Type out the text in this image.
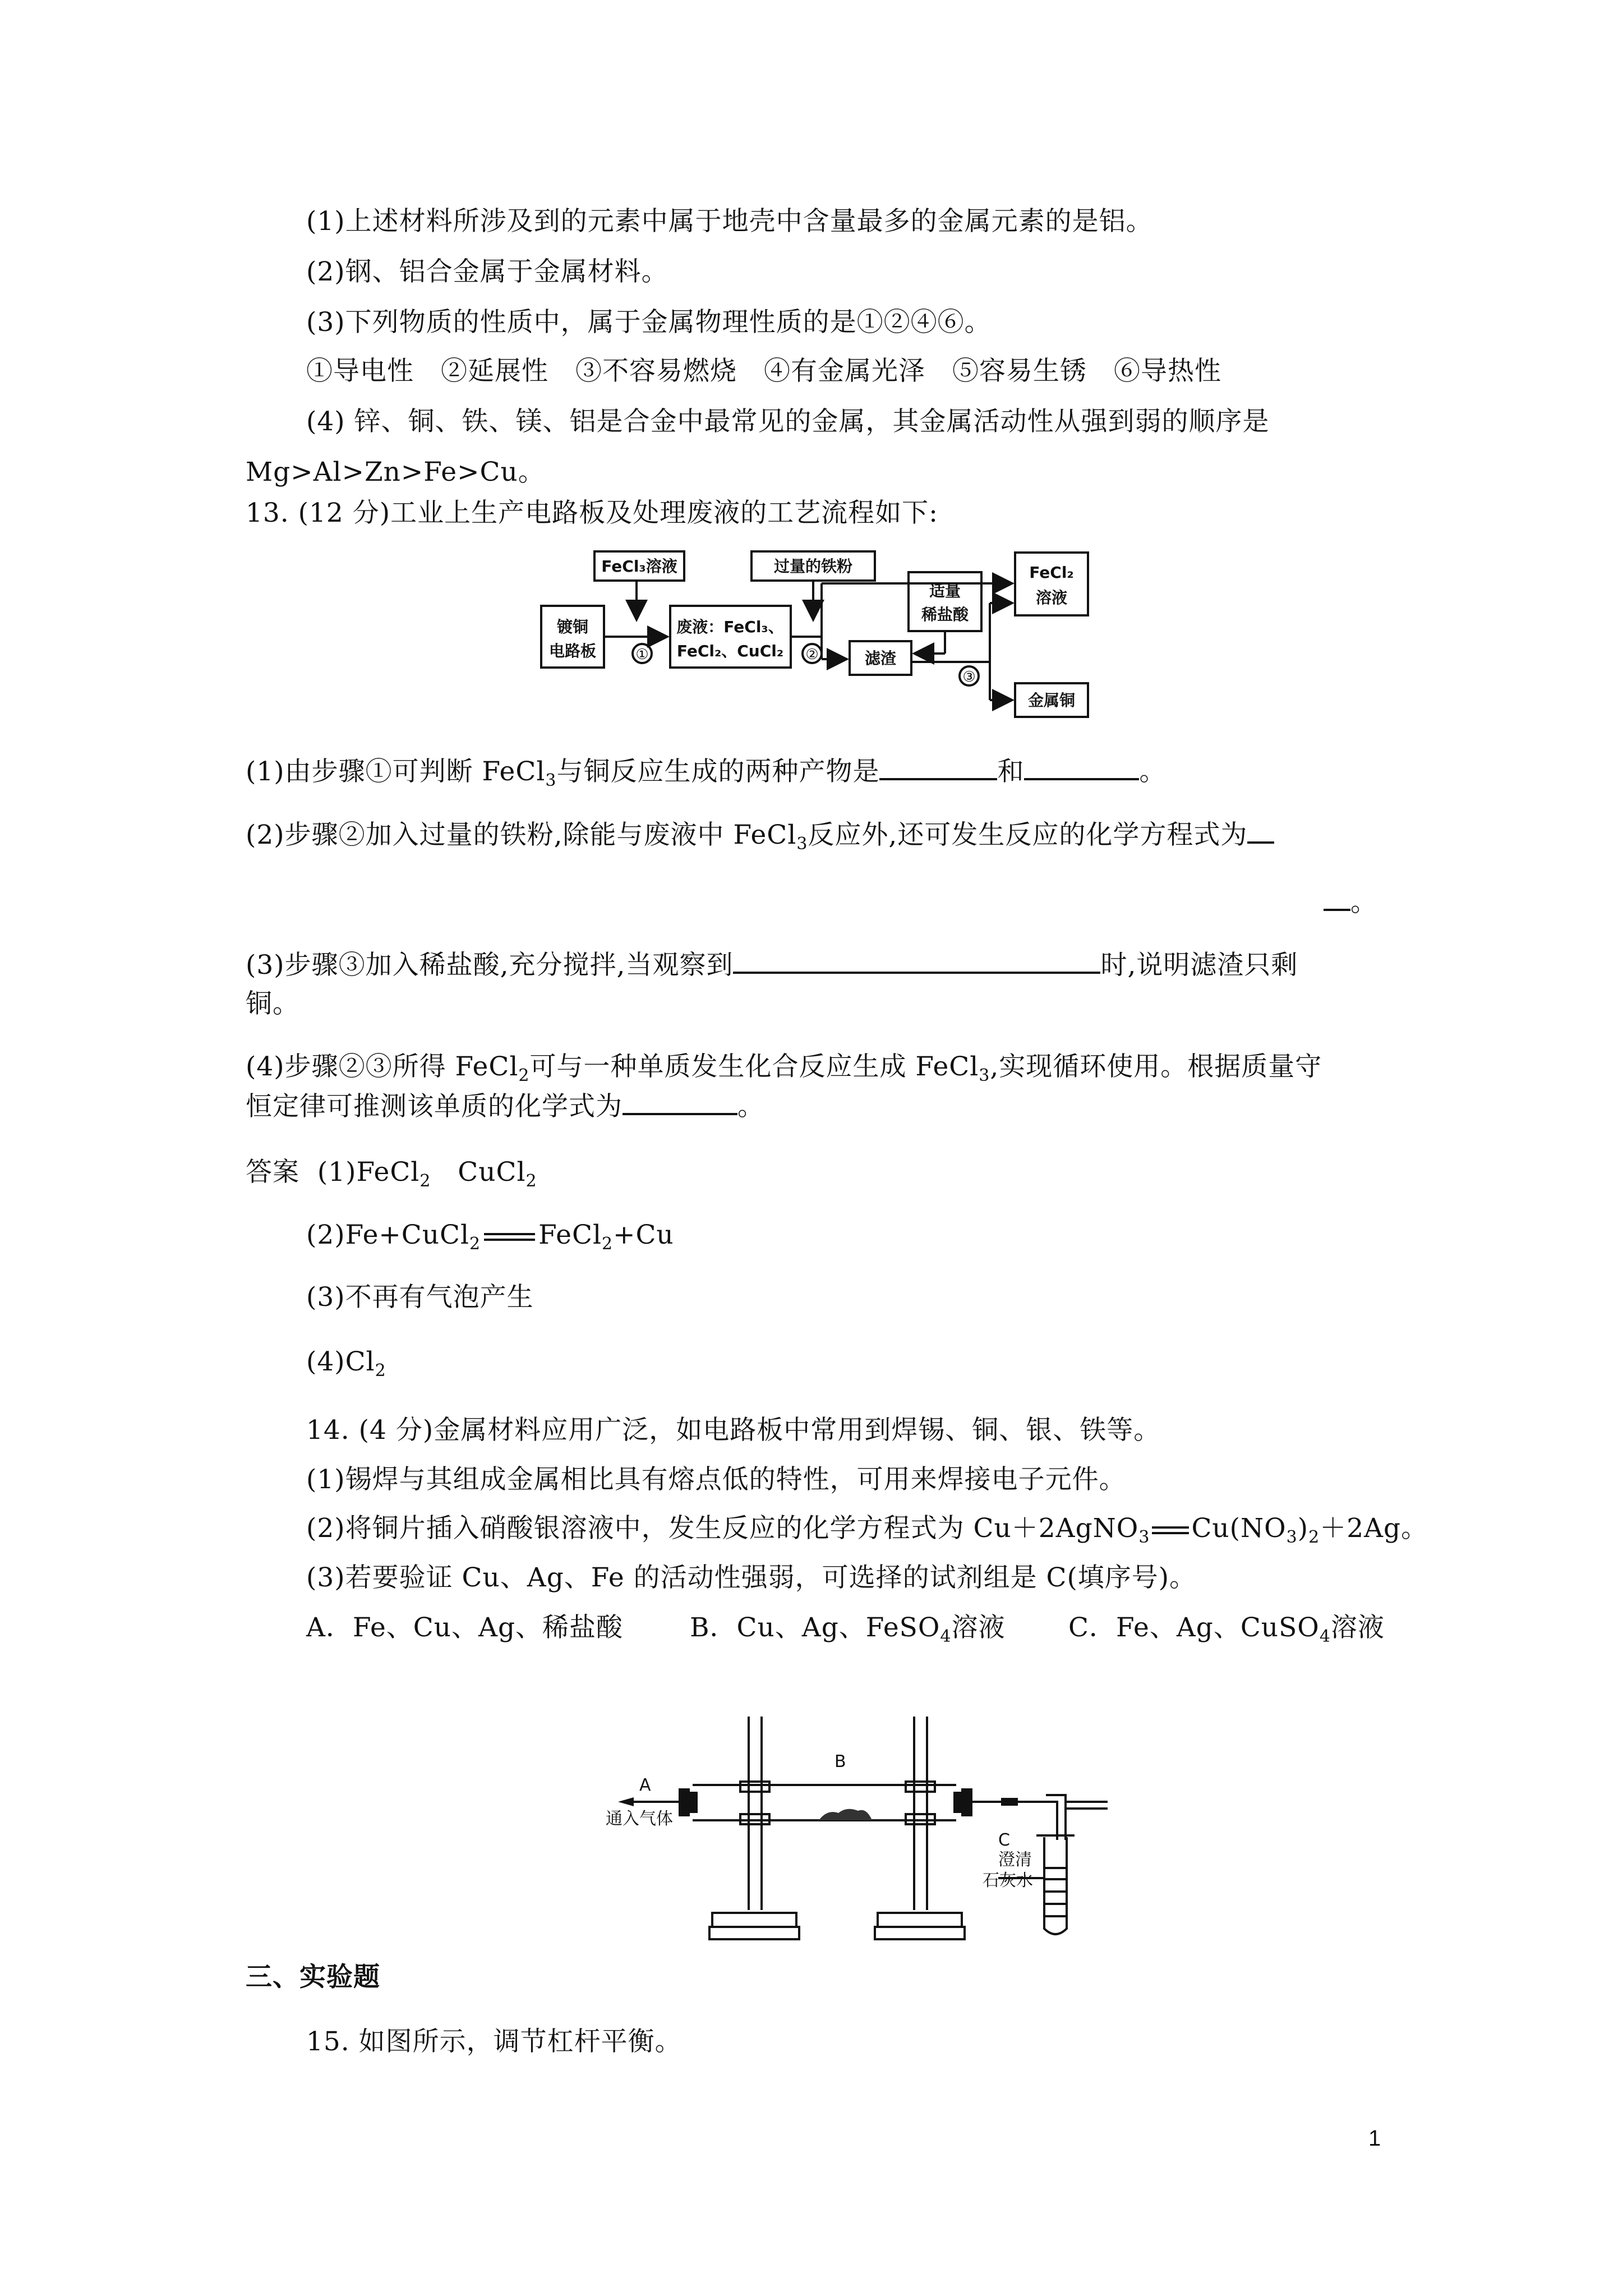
(1)上述材料所涉及到的元素中属于地壳中含量最多的金属元素的是铝。
(2)钢、铝合金属于金属材料。
(3)下列物质的性质中，属于金属物理性质的是①②④⑥。
①导电性　②延展性　③不容易燃烧　④有金属光泽　⑤容易生锈　⑥导热性
(4) 锌、铜、铁、镁、铝是合金中最常见的金属，其金属活动性从强到弱的顺序是
Mg>Al>Zn>Fe>Cu。
13. (12 分)工业上生产电路板及处理废液的工艺流程如下:
FeCl₃溶液	过量的铁粉
镀铜
电路板
废液：FeCl₃、
FeCl₂、CuCl₂
适量
稀盐酸
滤渣
FeCl₂
溶液
金属铜
①	②
③
(1)由步骤①可判断 FeCl$_3$与铜反应生成的两种产物是	和	。
(2)步骤②加入过量的铁粉,除能与废液中 FeCl$_3$反应外,还可发生反应的化学方程式为
。
(3)步骤③加入稀盐酸,充分搅拌,当观察到	时,说明滤渣只剩
铜。
(4)步骤②③所得 FeCl$_2$可与一种单质发生化合反应生成 FeCl$_3$,实现循环使用。根据质量守
恒定律可推测该单质的化学式为	。
答案 (1)FeCl$_2$ CuCl$_2$
(2)Fe+CuCl$_2$ FeCl$_2$+Cu
(3)不再有气泡产生
$(4)Cl_2$
14. (4 分)金属材料应用广泛，如电路板中常用到焊锡、铜、银、铁等。
(1)锡焊与其组成金属相比具有熔点低的特性，可用来焊接电子元件。
(2)将铜片插入硝酸银溶液中，发生反应的化学方程式为 Cu＋2AgNO$_3$ $Cu(NO_3)_2+2Ag$。
(3)若要验证 Cu、Ag、Fe 的活动性强弱，可选择的试剂组是 C(填序号)。
A．Fe、Cu、Ag、稀盐酸	B．Cu、Ag、FeSO$_4$溶液 C．Fe、Ag、CuSO$_4$溶液
A
B
C
通入气体
澄清
石灰水
三、实验题
15. 如图所示，调节杠杆平衡。
1
